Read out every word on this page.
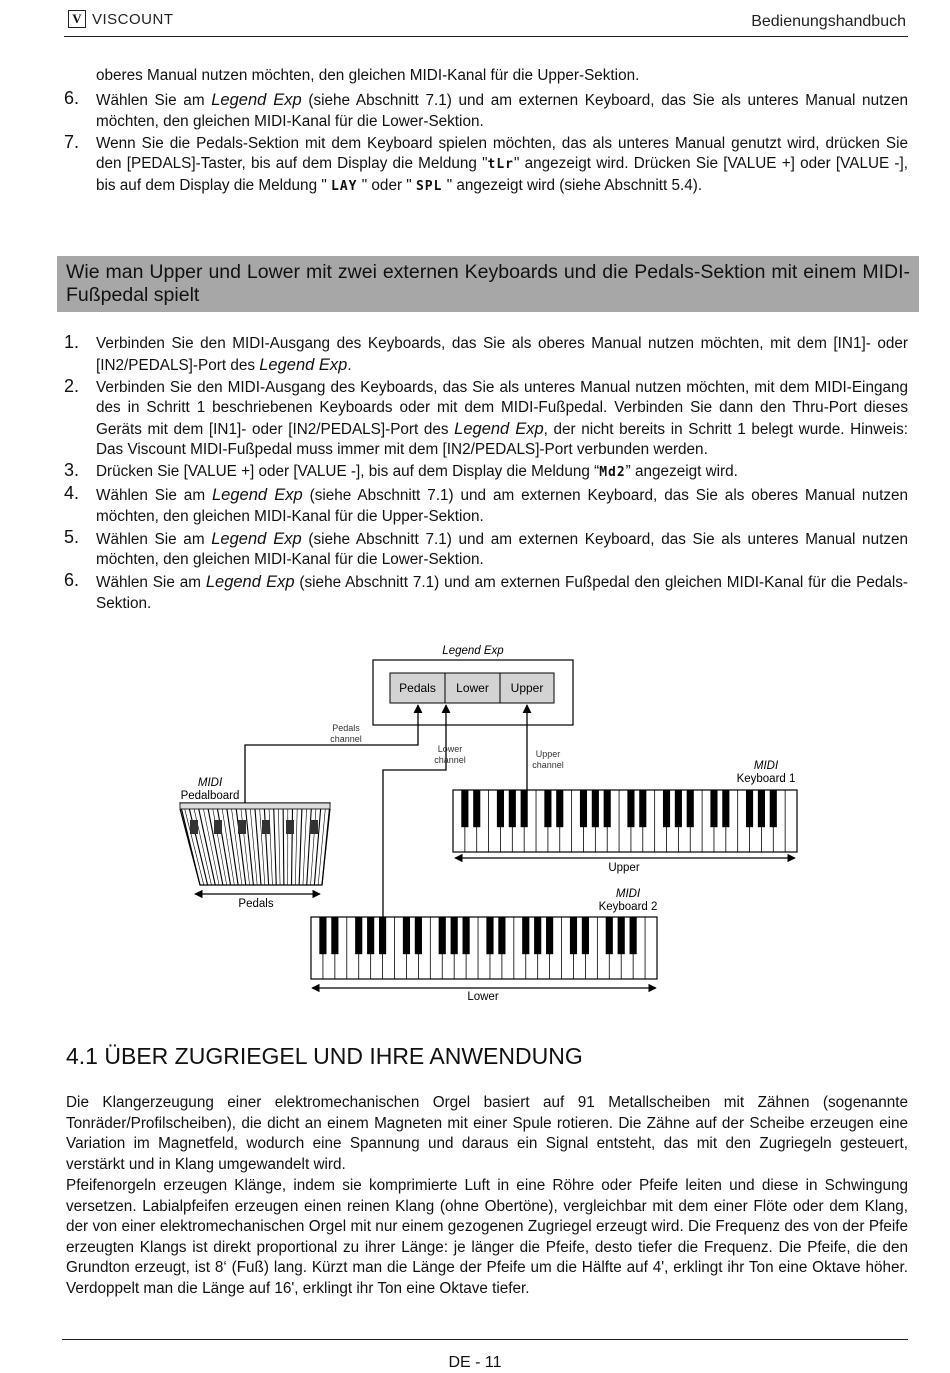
V VISCOUNT	Bedienungshandbuch
oberes Manual nutzen möchten, den gleichen MIDI-Kanal für die Upper-Sektion.
6. Wählen Sie am Legend Exp (siehe Abschnitt 7.1) und am externen Keyboard, das Sie als unteres Manual nutzen möchten, den gleichen MIDI-Kanal für die Lower-Sektion.
7. Wenn Sie die Pedals-Sektion mit dem Keyboard spielen möchten, das als unteres Manual genutzt wird, drücken Sie den [PEDALS]-Taster, bis auf dem Display die Meldung "tLr" angezeigt wird. Drücken Sie [VALUE +] oder [VALUE -], bis auf dem Display die Meldung " LAY " oder " SPL " angezeigt wird (siehe Abschnitt 5.4).
Wie man Upper und Lower mit zwei externen Keyboards und die Pedals-Sektion mit einem MIDI-Fußpedal spielt
1. Verbinden Sie den MIDI-Ausgang des Keyboards, das Sie als oberes Manual nutzen möchten, mit dem [IN1]- oder [IN2/PEDALS]-Port des Legend Exp.
2. Verbinden Sie den MIDI-Ausgang des Keyboards, das Sie als unteres Manual nutzen möchten, mit dem MIDI-Eingang des in Schritt 1 beschriebenen Keyboards oder mit dem MIDI-Fußpedal. Verbinden Sie dann den Thru-Port dieses Geräts mit dem [IN1]- oder [IN2/PEDALS]-Port des Legend Exp, der nicht bereits in Schritt 1 belegt wurde. Hinweis: Das Viscount MIDI-Fußpedal muss immer mit dem [IN2/PEDALS]-Port verbunden werden.
3. Drücken Sie [VALUE +] oder [VALUE -], bis auf dem Display die Meldung “Md2” angezeigt wird.
4. Wählen Sie am Legend Exp (siehe Abschnitt 7.1) und am externen Keyboard, das Sie als oberes Manual nutzen möchten, den gleichen MIDI-Kanal für die Upper-Sektion.
5. Wählen Sie am Legend Exp (siehe Abschnitt 7.1) und am externen Keyboard, das Sie als unteres Manual nutzen möchten, den gleichen MIDI-Kanal für die Lower-Sektion.
6. Wählen Sie am Legend Exp (siehe Abschnitt 7.1) und am externen Fußpedal den gleichen MIDI-Kanal für die Pedals-Sektion.
Legend Exp
Pedals Lower Upper
Pedals
channel
Lower
channel
Upper
channel
MIDI
Pedalboard
MIDI
Keyboard 1
MIDI
Keyboard 2
Upper
Pedals
Lower
4.1 ÜBER ZUGRIEGEL UND IHRE ANWENDUNG
Die Klangerzeugung einer elektromechanischen Orgel basiert auf 91 Metallscheiben mit Zähnen (sogenannte Tonräder/Profilscheiben), die dicht an einem Magneten mit einer Spule rotieren. Die Zähne auf der Scheibe erzeugen eine Variation im Magnetfeld, wodurch eine Spannung und daraus ein Signal entsteht, das mit den Zugriegeln gesteuert, verstärkt und in Klang umgewandelt wird.
Pfeifenorgeln erzeugen Klänge, indem sie komprimierte Luft in eine Röhre oder Pfeife leiten und diese in Schwingung versetzen. Labialpfeifen erzeugen einen reinen Klang (ohne Obertöne), vergleichbar mit dem einer Flöte oder dem Klang, der von einer elektromechanischen Orgel mit nur einem gezogenen Zugriegel erzeugt wird. Die Frequenz des von der Pfeife erzeugten Klangs ist direkt proportional zu ihrer Länge: je länger die Pfeife, desto tiefer die Frequenz. Die Pfeife, die den Grundton erzeugt, ist 8‘ (Fuß) lang. Kürzt man die Länge der Pfeife um die Hälfte auf 4', erklingt ihr Ton eine Oktave höher. Verdoppelt man die Länge auf 16', erklingt ihr Ton eine Oktave tiefer.
DE - 11
